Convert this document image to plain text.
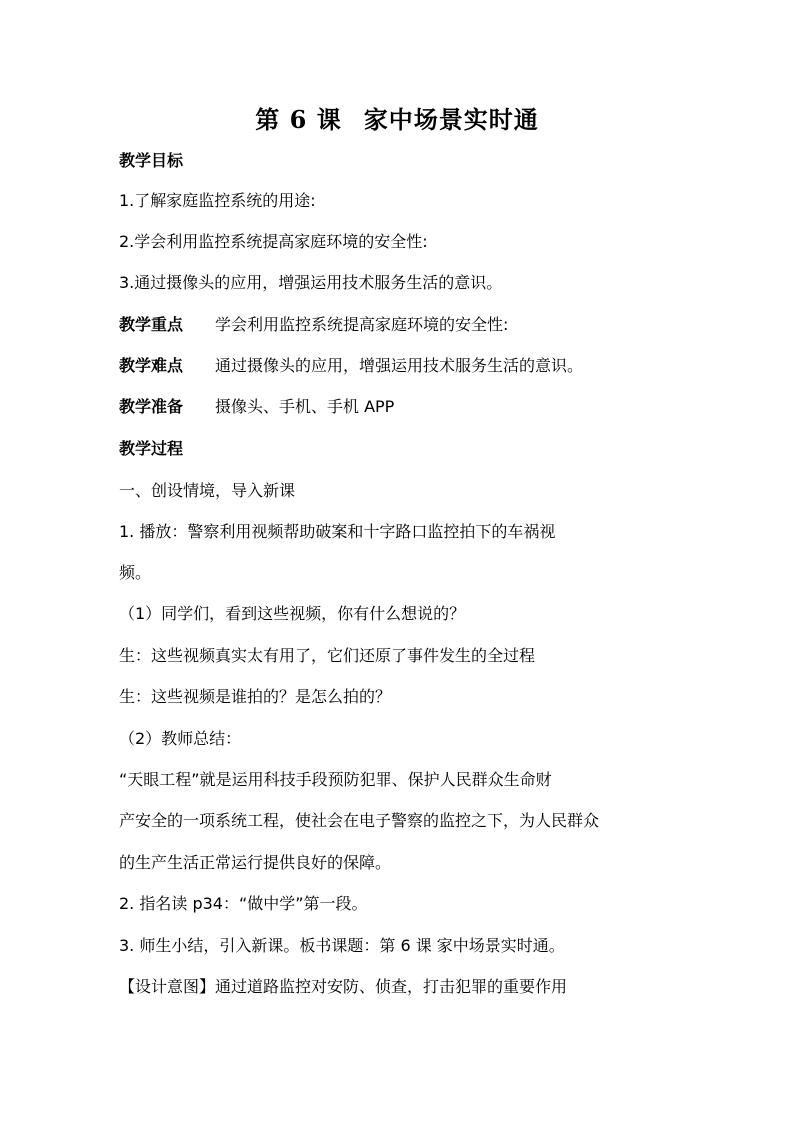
第 6 课 家中场景实时通
教学目标
1.了解家庭监控系统的用途:
2.学会利用监控系统提高家庭环境的安全性:
3.通过摄像头的应用，增强运用技术服务生活的意识。
教学重点 学会利用监控系统提高家庭环境的安全性:
教学难点 通过摄像头的应用，增强运用技术服务生活的意识。
教学准备 摄像头、手机、手机 APP
教学过程
一、创设情境，导入新课
1. 播放：警察利用视频帮助破案和十字路口监控拍下的车祸视
频。
（1）同学们，看到这些视频，你有什么想说的？
生：这些视频真实太有用了，它们还原了事件发生的全过程
生：这些视频是谁拍的？是怎么拍的？
（2）教师总结：
“天眼工程”就是运用科技手段预防犯罪、保护人民群众生命财
产安全的一项系统工程，使社会在电子警察的监控之下，为人民群众
的生产生活正常运行提供良好的保障。
2. 指名读 p34：“做中学”第一段。
3. 师生小结，引入新课。板书课题：第 6 课 家中场景实时通。
【设计意图】通过道路监控对安防、侦查，打击犯罪的重要作用
